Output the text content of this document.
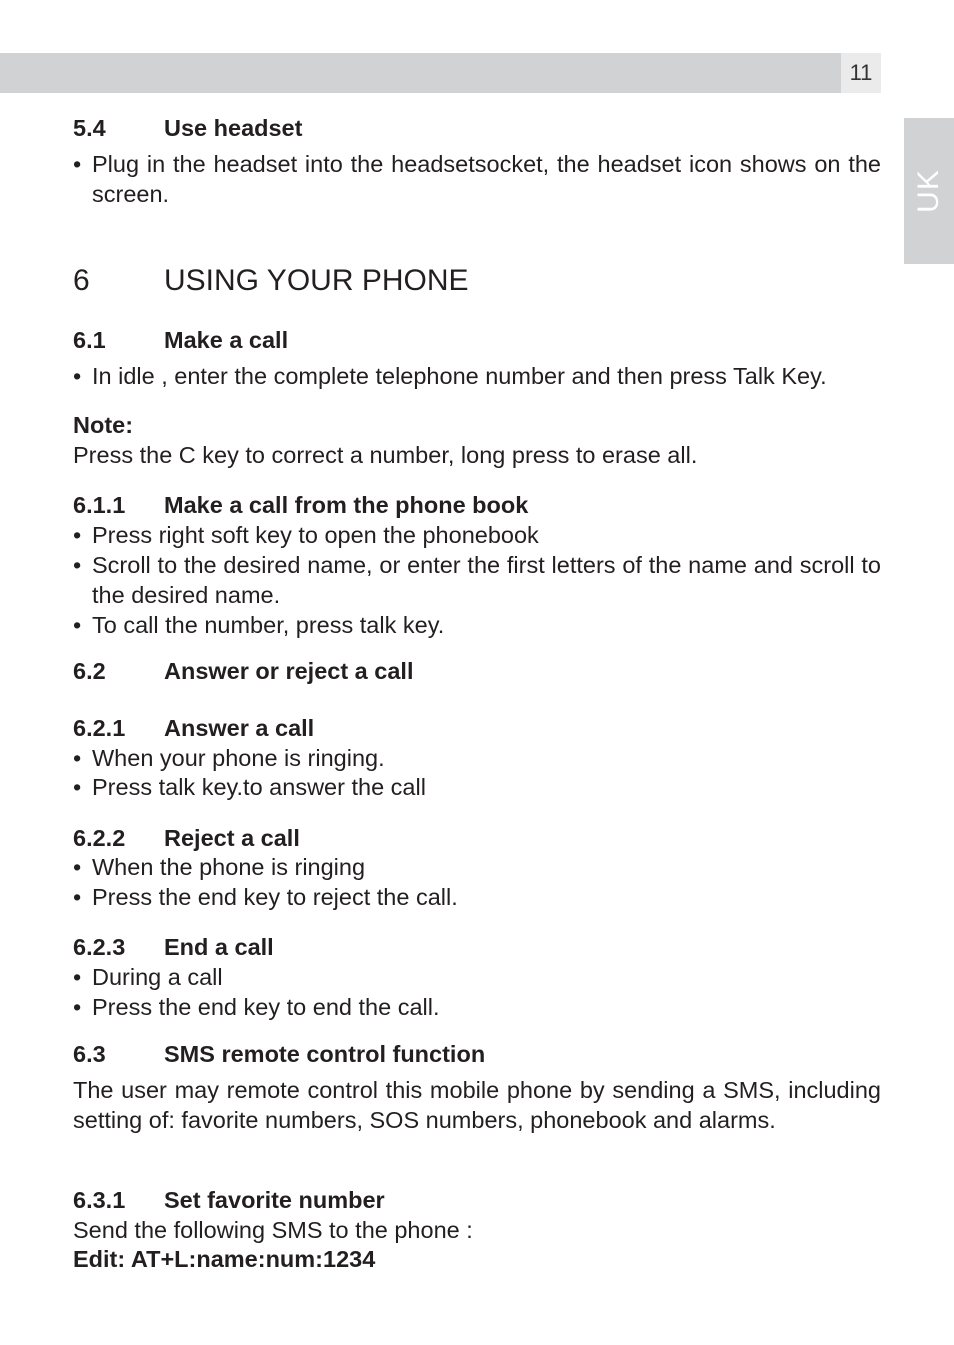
11
UK
5.4 Use headset
• Plug in the headset into the headsetsocket, the headset icon shows on the screen.
6 USING YOUR PHONE
6.1 Make a call
• In idle , enter the complete telephone number and then press Talk Key.
Note:
Press the C key to correct a number, long press to erase all.
6.1.1 Make a call from the phone book
• Press right soft key to open the phonebook
• Scroll to the desired name, or enter the first letters of the name and scroll to the desired name.
• To call the number, press talk key.
6.2 Answer or reject a call
6.2.1 Answer a call
• When your phone is ringing.
• Press talk key.to answer the call
6.2.2 Reject a call
• When the phone is ringing
• Press the end key to reject the call.
6.2.3 End a call
• During a call
• Press the end key to end the call.
6.3 SMS remote control function
The user may remote control this mobile phone by sending a SMS, including setting of: favorite numbers, SOS numbers, phonebook and alarms.
6.3.1 Set favorite number
Send the following SMS to the phone :
Edit: AT+L:name:num:1234
